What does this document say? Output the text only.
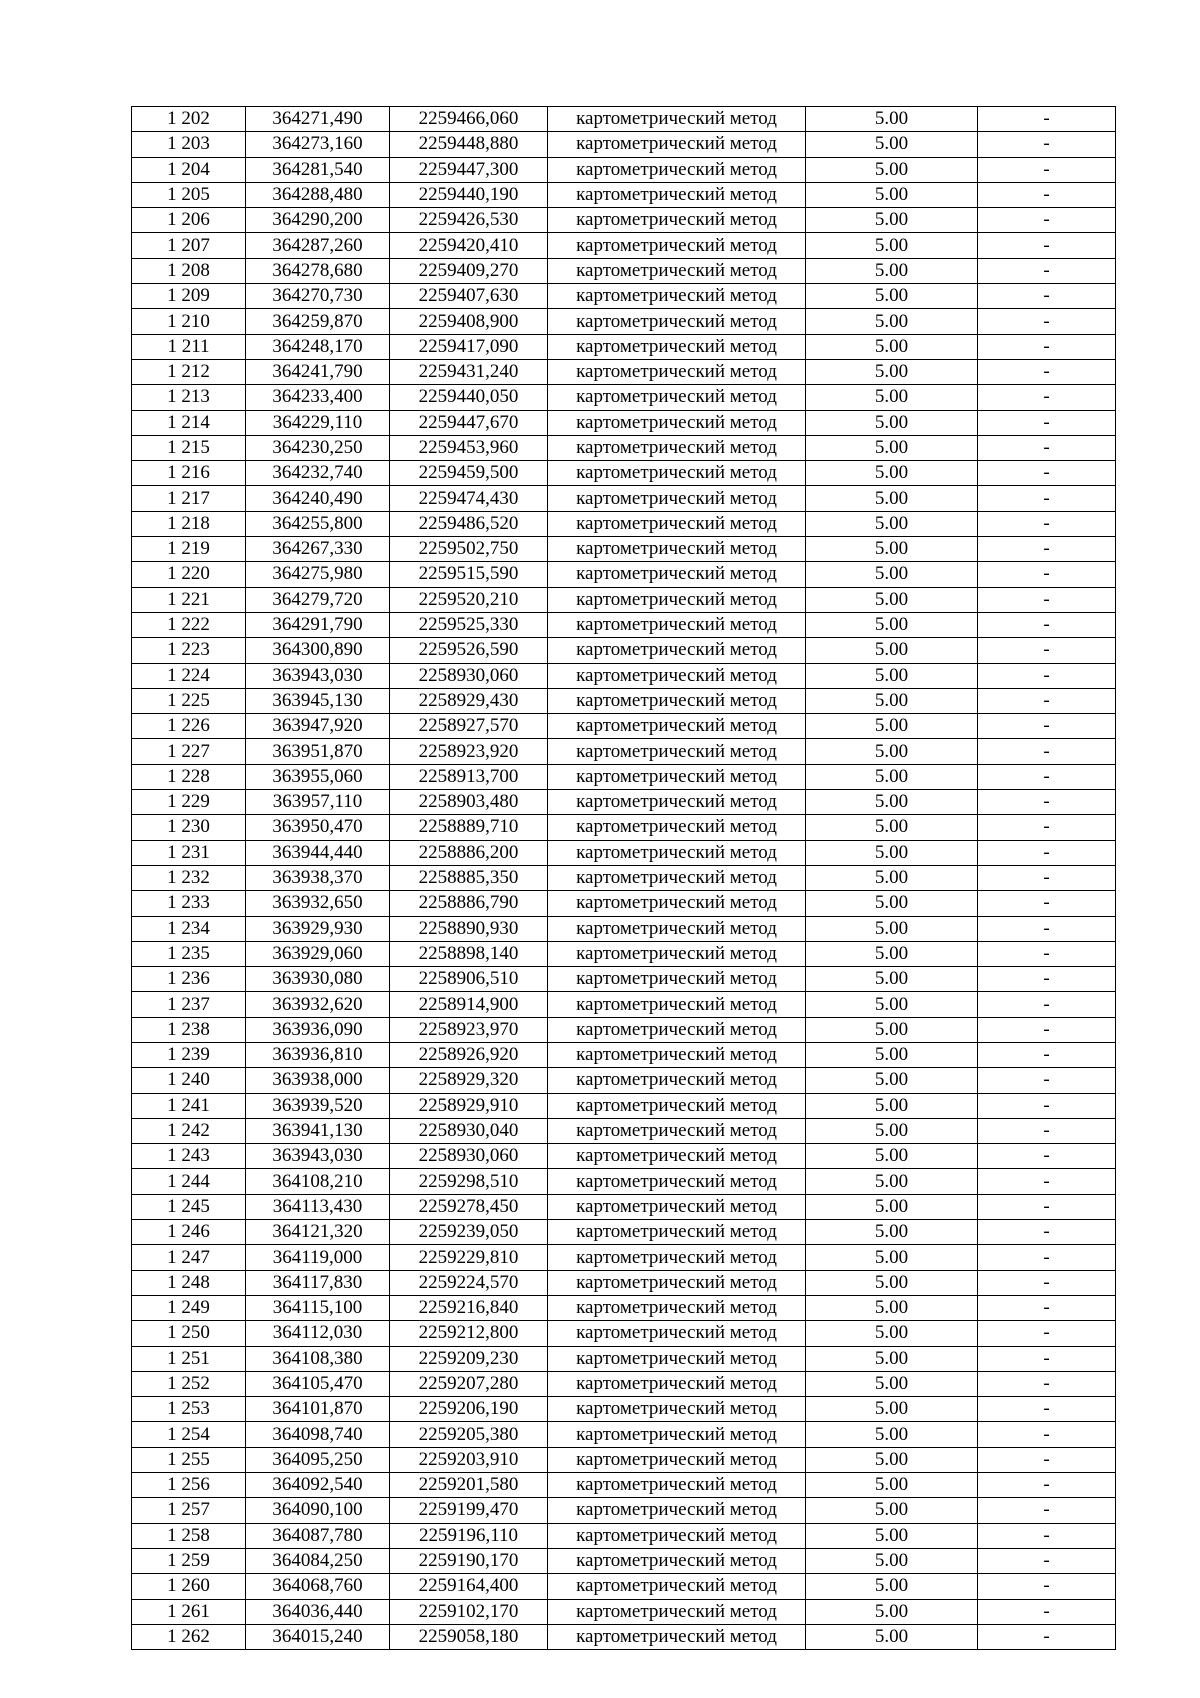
1 202	364271,490	2259466,060	картометрический метод	5.00	-
1 203	364273,160	2259448,880	картометрический метод	5.00	-
1 204	364281,540	2259447,300	картометрический метод	5.00	-
1 205	364288,480	2259440,190	картометрический метод	5.00	-
1 206	364290,200	2259426,530	картометрический метод	5.00	-
1 207	364287,260	2259420,410	картометрический метод	5.00	-
1 208	364278,680	2259409,270	картометрический метод	5.00	-
1 209	364270,730	2259407,630	картометрический метод	5.00	-
1 210	364259,870	2259408,900	картометрический метод	5.00	-
1 211	364248,170	2259417,090	картометрический метод	5.00	-
1 212	364241,790	2259431,240	картометрический метод	5.00	-
1 213	364233,400	2259440,050	картометрический метод	5.00	-
1 214	364229,110	2259447,670	картометрический метод	5.00	-
1 215	364230,250	2259453,960	картометрический метод	5.00	-
1 216	364232,740	2259459,500	картометрический метод	5.00	-
1 217	364240,490	2259474,430	картометрический метод	5.00	-
1 218	364255,800	2259486,520	картометрический метод	5.00	-
1 219	364267,330	2259502,750	картометрический метод	5.00	-
1 220	364275,980	2259515,590	картометрический метод	5.00	-
1 221	364279,720	2259520,210	картометрический метод	5.00	-
1 222	364291,790	2259525,330	картометрический метод	5.00	-
1 223	364300,890	2259526,590	картометрический метод	5.00	-
1 224	363943,030	2258930,060	картометрический метод	5.00	-
1 225	363945,130	2258929,430	картометрический метод	5.00	-
1 226	363947,920	2258927,570	картометрический метод	5.00	-
1 227	363951,870	2258923,920	картометрический метод	5.00	-
1 228	363955,060	2258913,700	картометрический метод	5.00	-
1 229	363957,110	2258903,480	картометрический метод	5.00	-
1 230	363950,470	2258889,710	картометрический метод	5.00	-
1 231	363944,440	2258886,200	картометрический метод	5.00	-
1 232	363938,370	2258885,350	картометрический метод	5.00	-
1 233	363932,650	2258886,790	картометрический метод	5.00	-
1 234	363929,930	2258890,930	картометрический метод	5.00	-
1 235	363929,060	2258898,140	картометрический метод	5.00	-
1 236	363930,080	2258906,510	картометрический метод	5.00	-
1 237	363932,620	2258914,900	картометрический метод	5.00	-
1 238	363936,090	2258923,970	картометрический метод	5.00	-
1 239	363936,810	2258926,920	картометрический метод	5.00	-
1 240	363938,000	2258929,320	картометрический метод	5.00	-
1 241	363939,520	2258929,910	картометрический метод	5.00	-
1 242	363941,130	2258930,040	картометрический метод	5.00	-
1 243	363943,030	2258930,060	картометрический метод	5.00	-
1 244	364108,210	2259298,510	картометрический метод	5.00	-
1 245	364113,430	2259278,450	картометрический метод	5.00	-
1 246	364121,320	2259239,050	картометрический метод	5.00	-
1 247	364119,000	2259229,810	картометрический метод	5.00	-
1 248	364117,830	2259224,570	картометрический метод	5.00	-
1 249	364115,100	2259216,840	картометрический метод	5.00	-
1 250	364112,030	2259212,800	картометрический метод	5.00	-
1 251	364108,380	2259209,230	картометрический метод	5.00	-
1 252	364105,470	2259207,280	картометрический метод	5.00	-
1 253	364101,870	2259206,190	картометрический метод	5.00	-
1 254	364098,740	2259205,380	картометрический метод	5.00	-
1 255	364095,250	2259203,910	картометрический метод	5.00	-
1 256	364092,540	2259201,580	картометрический метод	5.00	-
1 257	364090,100	2259199,470	картометрический метод	5.00	-
1 258	364087,780	2259196,110	картометрический метод	5.00	-
1 259	364084,250	2259190,170	картометрический метод	5.00	-
1 260	364068,760	2259164,400	картометрический метод	5.00	-
1 261	364036,440	2259102,170	картометрический метод	5.00	-
1 262	364015,240	2259058,180	картометрический метод	5.00	-
